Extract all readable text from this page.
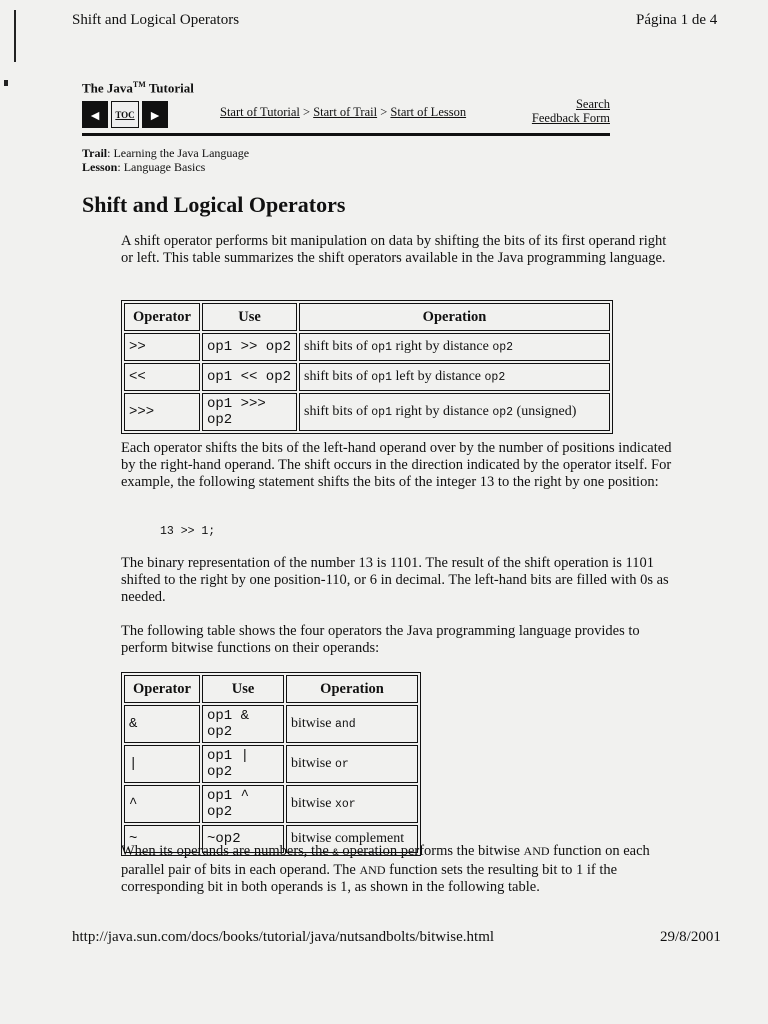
Shift and Logical Operators	Página 1 de 4
The Java™ Tutorial
◄	TOC ►	Start of Tutorial > Start of Trail > Start of Lesson
Search
Feedback Form
Trail: Learning the Java Language
Lesson: Language Basics
Shift and Logical Operators
A shift operator performs bit manipulation on data by shifting the bits of its first operand right or left. This table summarizes the shift operators available in the Java programming language.
Operator	Use	Operation
>>	op1 >> op2	shift bits of op1 right by distance op2
<<	op1 << op2	shift bits of op1 left by distance op2
>>>	op1 >>> op2	shift bits of op1 right by distance op2 (unsigned)
Each operator shifts the bits of the left-hand operand over by the number of positions indicated by the right-hand operand. The shift occurs in the direction indicated by the operator itself. For example, the following statement shifts the bits of the integer 13 to the right by one position:
13 >> 1;
The binary representation of the number 13 is 1101. The result of the shift operation is 1101 shifted to the right by one position-110, or 6 in decimal. The left-hand bits are filled with 0s as needed.
The following table shows the four operators the Java programming language provides to perform bitwise functions on their operands:
Operator	Use	Operation
&	op1 & op2	bitwise and
|	op1 | op2	bitwise or
^	op1 ^ op2	bitwise xor
~	~op2	bitwise complement
When its operands are numbers, the & operation performs the bitwise AND function on each parallel pair of bits in each operand. The AND function sets the resulting bit to 1 if the corresponding bit in both operands is 1, as shown in the following table.
http://java.sun.com/docs/books/tutorial/java/nutsandbolts/bitwise.html	29/8/2001
